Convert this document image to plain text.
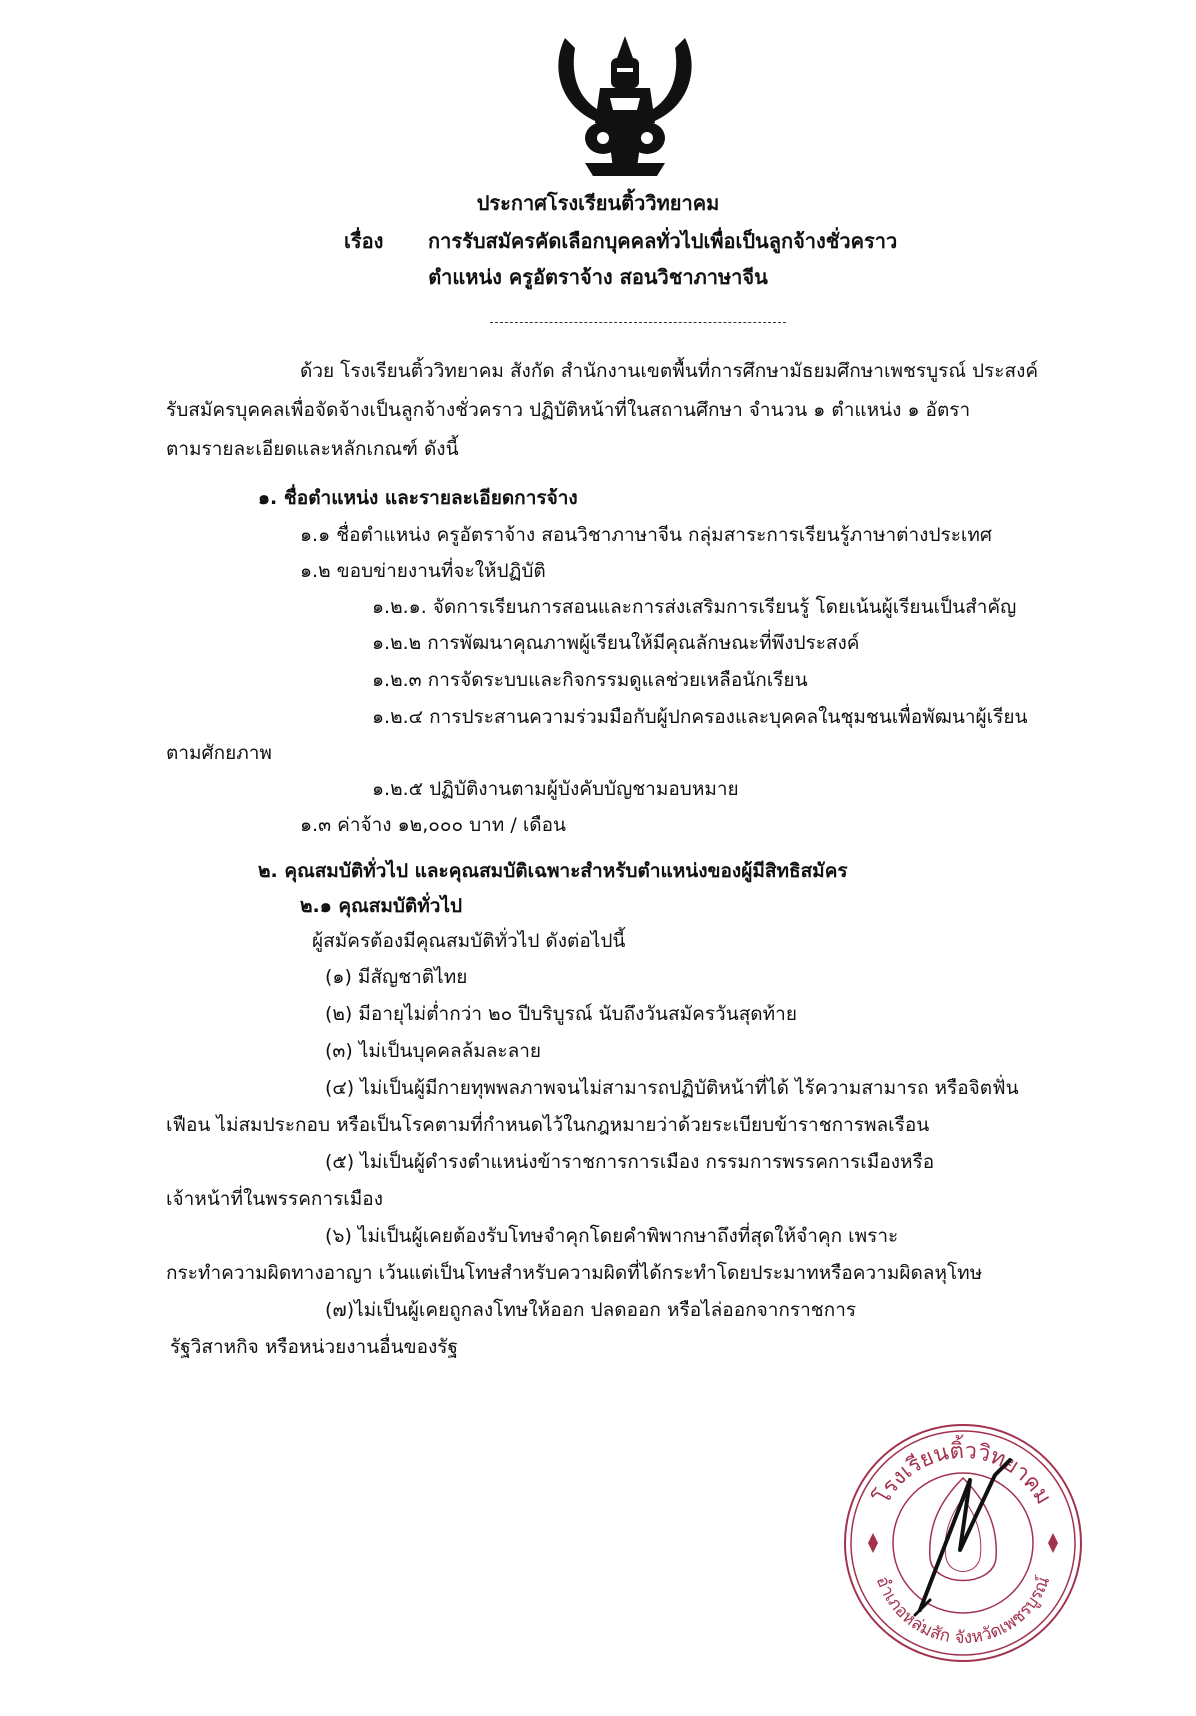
ประกาศโรงเรียนติ้ววิทยาคม
เรื่อง การรับสมัครคัดเลือกบุคคลทั่วไปเพื่อเป็นลูกจ้างชั่วคราว
ตำแหน่ง ครูอัตราจ้าง สอนวิชาภาษาจีน
ด้วย โรงเรียนติ้ววิทยาคม สังกัด สำนักงานเขตพื้นที่การศึกษามัธยมศึกษาเพชรบูรณ์ ประสงค์
รับสมัครบุคคลเพื่อจัดจ้างเป็นลูกจ้างชั่วคราว ปฏิบัติหน้าที่ในสถานศึกษา จำนวน ๑ ตำแหน่ง ๑ อัตรา
ตามรายละเอียดและหลักเกณฑ์ ดังนี้
๑. ชื่อตำแหน่ง และรายละเอียดการจ้าง
๑.๑ ชื่อตำแหน่ง ครูอัตราจ้าง สอนวิชาภาษาจีน กลุ่มสาระการเรียนรู้ภาษาต่างประเทศ
๑.๒ ขอบข่ายงานที่จะให้ปฏิบัติ
๑.๒.๑. จัดการเรียนการสอนและการส่งเสริมการเรียนรู้ โดยเน้นผู้เรียนเป็นสำคัญ
๑.๒.๒ การพัฒนาคุณภาพผู้เรียนให้มีคุณลักษณะที่พึงประสงค์
๑.๒.๓ การจัดระบบและกิจกรรมดูแลช่วยเหลือนักเรียน
๑.๒.๔ การประสานความร่วมมือกับผู้ปกครองและบุคคลในชุมชนเพื่อพัฒนาผู้เรียน
ตามศักยภาพ
๑.๒.๕ ปฏิบัติงานตามผู้บังคับบัญชามอบหมาย
๑.๓ ค่าจ้าง ๑๒,๐๐๐ บาท / เดือน
๒. คุณสมบัติทั่วไป และคุณสมบัติเฉพาะสำหรับตำแหน่งของผู้มีสิทธิสมัคร
๒.๑ คุณสมบัติทั่วไป
ผู้สมัครต้องมีคุณสมบัติทั่วไป ดังต่อไปนี้
(๑) มีสัญชาติไทย
(๒) มีอายุไม่ต่ำกว่า ๒๐ ปีบริบูรณ์ นับถึงวันสมัครวันสุดท้าย
(๓) ไม่เป็นบุคคลล้มละลาย
(๔) ไม่เป็นผู้มีกายทุพพลภาพจนไม่สามารถปฏิบัติหน้าที่ได้ ไร้ความสามารถ หรือจิตฟั่น
เฟือน ไม่สมประกอบ หรือเป็นโรคตามที่กำหนดไว้ในกฎหมายว่าด้วยระเบียบข้าราชการพลเรือน
(๕) ไม่เป็นผู้ดำรงตำแหน่งข้าราชการการเมือง กรรมการพรรคการเมืองหรือ
เจ้าหน้าที่ในพรรคการเมือง
(๖) ไม่เป็นผู้เคยต้องรับโทษจำคุกโดยคำพิพากษาถึงที่สุดให้จำคุก เพราะ
กระทำความผิดทางอาญา เว้นแต่เป็นโทษสำหรับความผิดที่ได้กระทำโดยประมาทหรือความผิดลหุโทษ
(๗)ไม่เป็นผู้เคยถูกลงโทษให้ออก ปลดออก หรือไล่ออกจากราชการ
รัฐวิสาหกิจ หรือหน่วยงานอื่นของรัฐ
โรงเรียนติ้ววิทยาคม
อำเภอหล่มสัก จังหวัดเพชรบูรณ์
